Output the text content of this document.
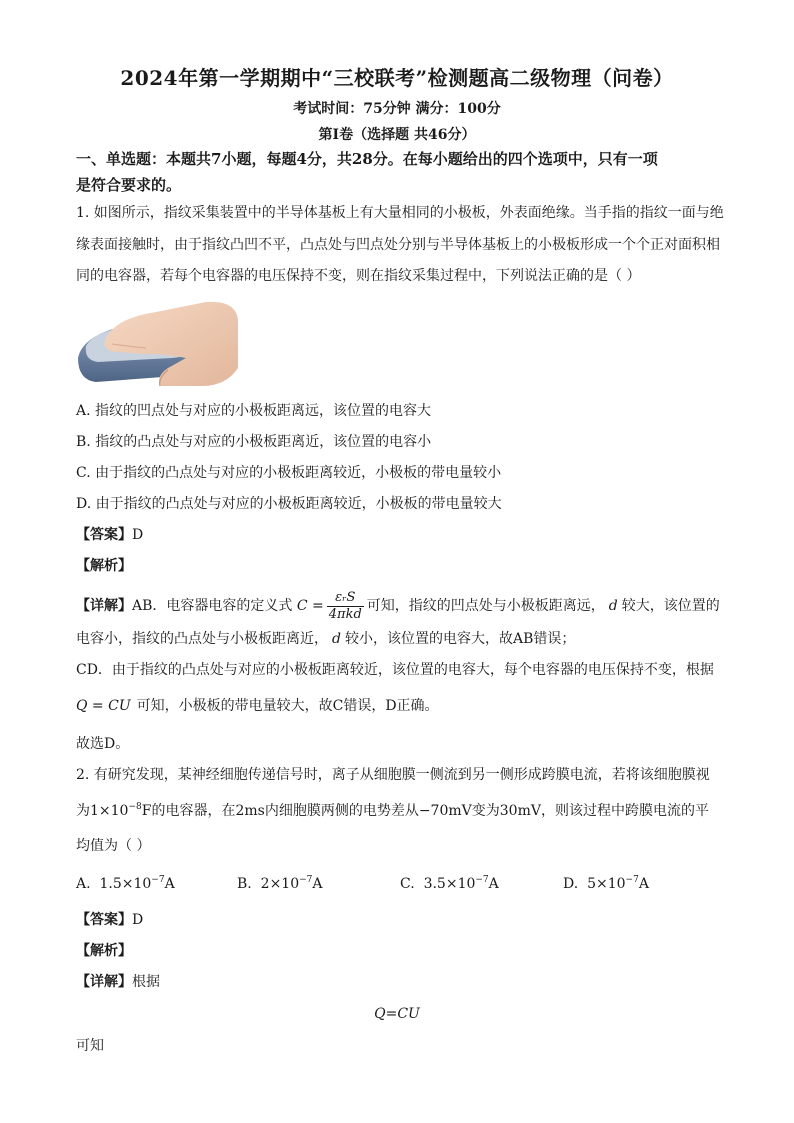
2024年第一学期期中“三校联考”检测题高二级物理（问卷）
考试时间：75分钟 满分：100分
第Ⅰ卷（选择题 共46分）
一、单选题：本题共7小题，每题4分，共28分。在每小题给出的四个选项中，只有一项
是符合要求的。
1. 如图所示，指纹采集装置中的半导体基板上有大量相同的小极板，外表面绝缘。当手指的指纹一面与绝
缘表面接触时，由于指纹凸凹不平，凸点处与凹点处分别与半导体基板上的小极板形成一个个正对面积相
同的电容器，若每个电容器的电压保持不变，则在指纹采集过程中，下列说法正确的是（ ）
A. 指纹的凹点处与对应的小极板距离远，该位置的电容大
B. 指纹的凸点处与对应的小极板距离近，该位置的电容小
C. 由于指纹的凸点处与对应的小极板距离较近，小极板的带电量较小
D. 由于指纹的凸点处与对应的小极板距离较近，小极板的带电量较大
【答案】D
【解析】
【详解】AB．电容器电容的定义式 $C = \frac{\text{εᵣS}}{\text{4πkd}}$ 可知，指纹的凹点处与小极板距离远， d 较大，该位置的
电容小，指纹的凸点处与小极板距离近， d 较小，该位置的电容大，故AB错误；
CD．由于指纹的凸点处与对应的小极板距离较近，该位置的电容大，每个电容器的电压保持不变，根据
Q = CU 可知，小极板的带电量较大，故C错误，D正确。
故选D。
2. 有研究发现，某神经细胞传递信号时，离子从细胞膜一侧流到另一侧形成跨膜电流，若将该细胞膜视
为$1\times 10^{-8}F$的电容器，在2ms内细胞膜两侧的电势差从−70mV变为30mV，则该过程中跨膜电流的平
均值为（ ）
A. $1.5\times 10^{-7}A$	B. $2\times 10^{-7}A$	C. $3.5\times 10^{-7}A$	D. $5\times 10^{-7}A$
【答案】D
【解析】
【详解】根据
Q=CU
可知
